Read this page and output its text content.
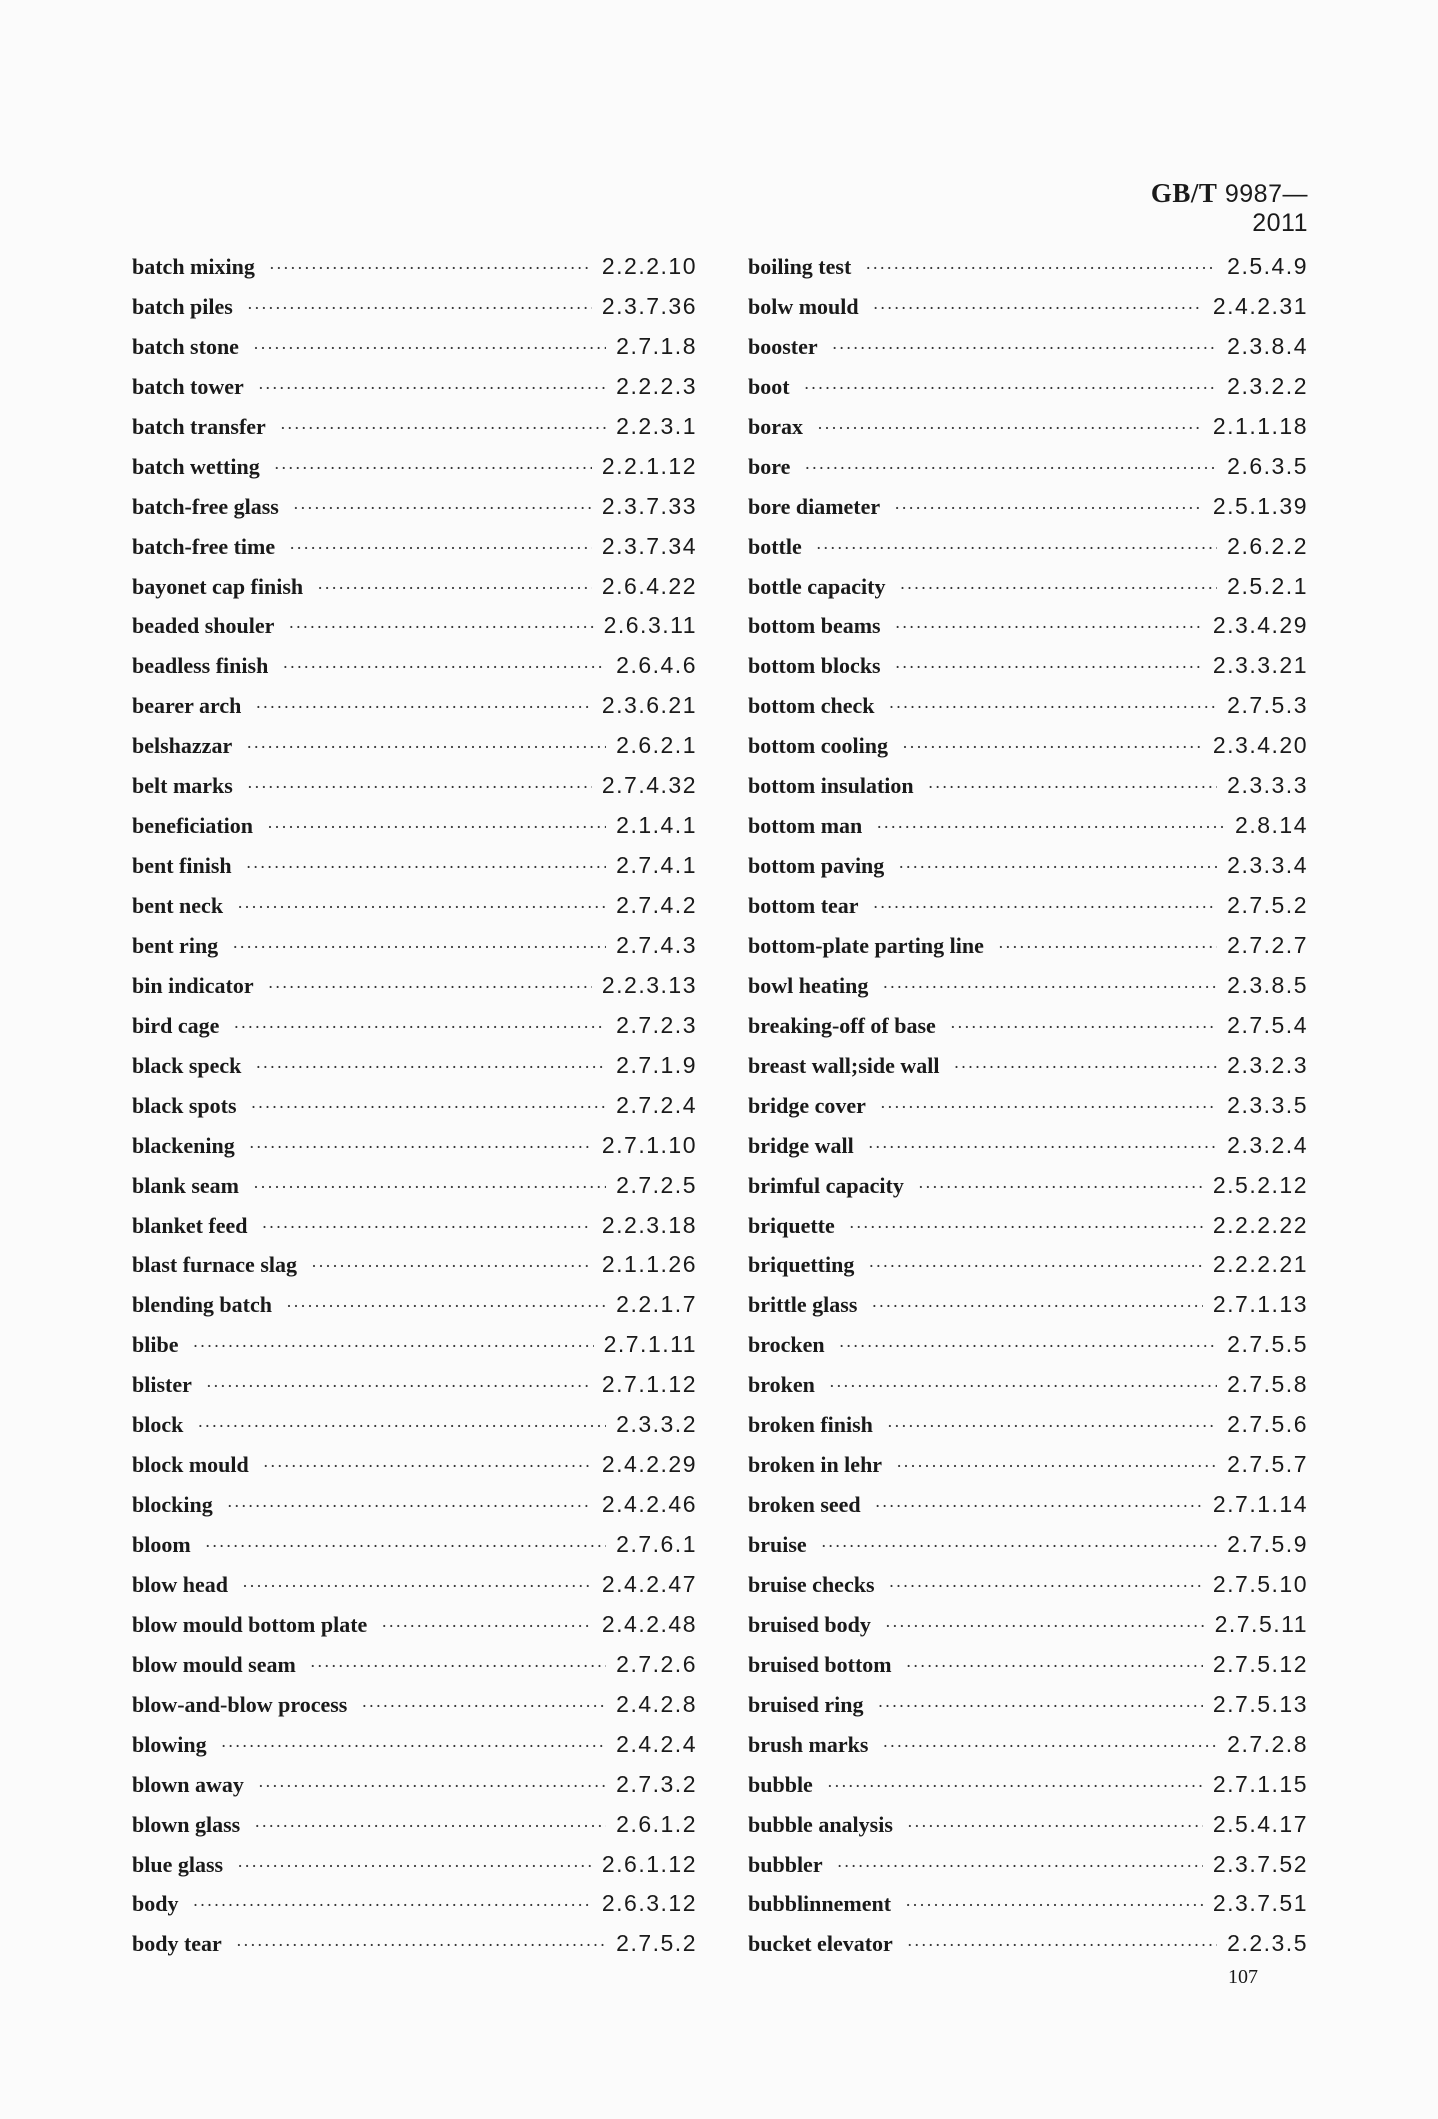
GB/T 9987—2011
batch mixing ·····	2.2.2.10
batch piles ·····	2.3.7.36
batch stone ·····	2.7.1.8
batch tower ·····	2.2.2.3
batch transfer ·····	2.2.3.1
batch wetting ·····	2.2.1.12
batch-free glass ·····	2.3.7.33
batch-free time ·····	2.3.7.34
bayonet cap finish ·····	2.6.4.22
beaded shouler ·····	2.6.3.11
beadless finish ·····	2.6.4.6
bearer arch ·····	2.3.6.21
belshazzar ·····	2.6.2.1
belt marks ·····	2.7.4.32
beneficiation ·····	2.1.4.1
bent finish ·····	2.7.4.1
bent neck ·····	2.7.4.2
bent ring ·····	2.7.4.3
bin indicator ·····	2.2.3.13
bird cage ·····	2.7.2.3
black speck ·····	2.7.1.9
black spots ·····	2.7.2.4
blackening ·····	2.7.1.10
blank seam ·····	2.7.2.5
blanket feed ·····	2.2.3.18
blast furnace slag ·····	2.1.1.26
blending batch ·····	2.2.1.7
blibe ·····	2.7.1.11
blister ·····	2.7.1.12
block ·····	2.3.3.2
block mould ·····	2.4.2.29
blocking ·····	2.4.2.46
bloom ·····	2.7.6.1
blow head ·····	2.4.2.47
blow mould bottom plate ·····	2.4.2.48
blow mould seam ·····	2.7.2.6
blow-and-blow process ·····	2.4.2.8
blowing ·····	2.4.2.4
blown away ·····	2.7.3.2
blown glass ·····	2.6.1.2
blue glass ·····	2.6.1.12
body ·····	2.6.3.12
body tear ·····	2.7.5.2
boiling test ·····	2.5.4.9
bolw mould ·····	2.4.2.31
booster ·····	2.3.8.4
boot ·····	2.3.2.2
borax ·····	2.1.1.18
bore ·····	2.6.3.5
bore diameter ·····	2.5.1.39
bottle ·····	2.6.2.2
bottle capacity ·····	2.5.2.1
bottom beams ·····	2.3.4.29
bottom blocks ·····	2.3.3.21
bottom check ·····	2.7.5.3
bottom cooling ·····	2.3.4.20
bottom insulation ·····	2.3.3.3
bottom man ·····	2.8.14
bottom paving ·····	2.3.3.4
bottom tear ·····	2.7.5.2
bottom-plate parting line ·····	2.7.2.7
bowl heating ·····	2.3.8.5
breaking-off of base ·····	2.7.5.4
breast wall;side wall ·····	2.3.2.3
bridge cover ·····	2.3.3.5
bridge wall ·····	2.3.2.4
brimful capacity ·····	2.5.2.12
briquette ·····	2.2.2.22
briquetting ·····	2.2.2.21
brittle glass ·····	2.7.1.13
brocken ·····	2.7.5.5
broken ·····	2.7.5.8
broken finish ·····	2.7.5.6
broken in lehr ·····	2.7.5.7
broken seed ·····	2.7.1.14
bruise ·····	2.7.5.9
bruise checks ·····	2.7.5.10
bruised body ·····	2.7.5.11
bruised bottom ·····	2.7.5.12
bruised ring ·····	2.7.5.13
brush marks ·····	2.7.2.8
bubble ·····	2.7.1.15
bubble analysis ·····	2.5.4.17
bubbler ·····	2.3.7.52
bubblinnement ·····	2.3.7.51
bucket elevator ·····	2.2.3.5
107
